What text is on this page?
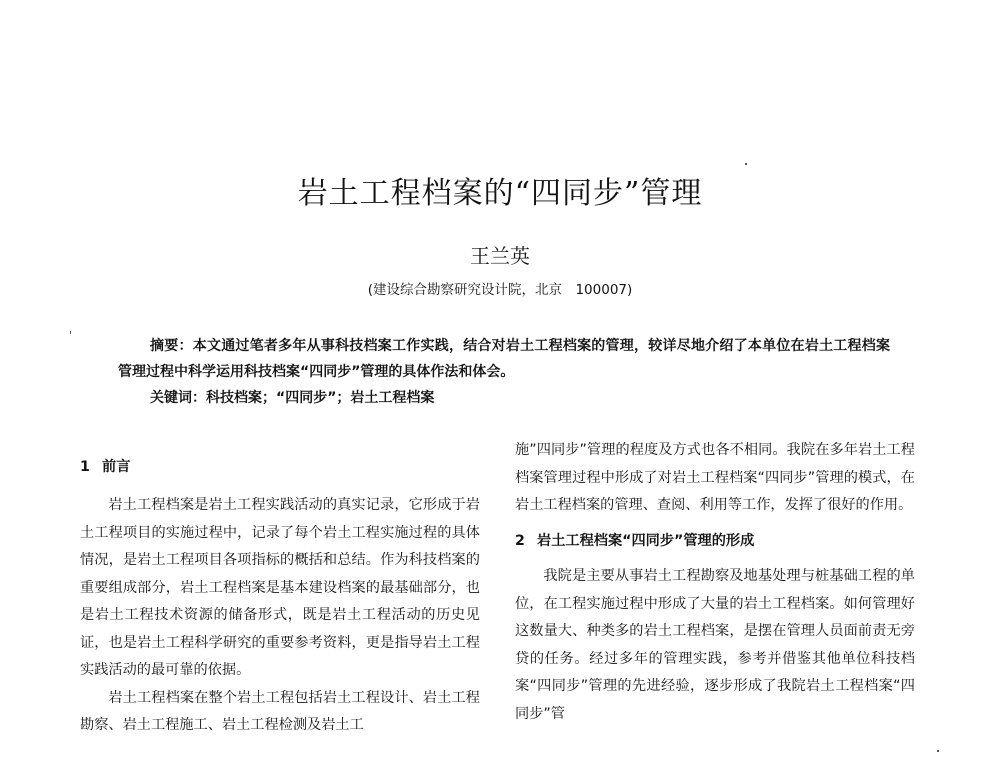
岩土工程档案的“四同步”管理
王兰英
(建设综合勘察研究设计院，北京　100007)
摘要：本文通过笔者多年从事科技档案工作实践，结合对岩土工程档案的管理，较详尽地介绍了本单位在岩土工程档案管理过程中科学运用科技档案“四同步”管理的具体作法和体会。
关键词：科技档案；“四同步”；岩土工程档案
1 前言

岩土工程档案是岩土工程实践活动的真实记录，它形成于岩土工程项目的实施过程中，记录了每个岩土工程实施过程的具体情况，是岩土工程项目各项指标的概括和总结。作为科技档案的重要组成部分，岩土工程档案是基本建设档案的最基础部分，也是岩土工程技术资源的储备形式，既是岩土工程活动的历史见证，也是岩土工程科学研究的重要参考资料，更是指导岩土工程实践活动的最可靠的依据。

岩土工程档案在整个岩土工程包括岩土工程设计、岩土工程勘察、岩土工程施工、岩土工程检测及岩土工

施”四同步”管理的程度及方式也各不相同。我院在多年岩土工程档案管理过程中形成了对岩土工程档案“四同步”管理的模式，在岩土工程档案的管理、查阅、利用等工作，发挥了很好的作用。

2 岩土工程档案“四同步”管理的形成

我院是主要从事岩土工程勘察及地基处理与桩基础工程的单位，在工程实施过程中形成了大量的岩土工程档案。如何管理好这数量大、种类多的岩土工程档案，是摆在管理人员面前责无旁贷的任务。经过多年的管理实践，参考并借鉴其他单位科技档案“四同步”管理的先进经验，逐步形成了我院岩土工程档案“四同步”管
